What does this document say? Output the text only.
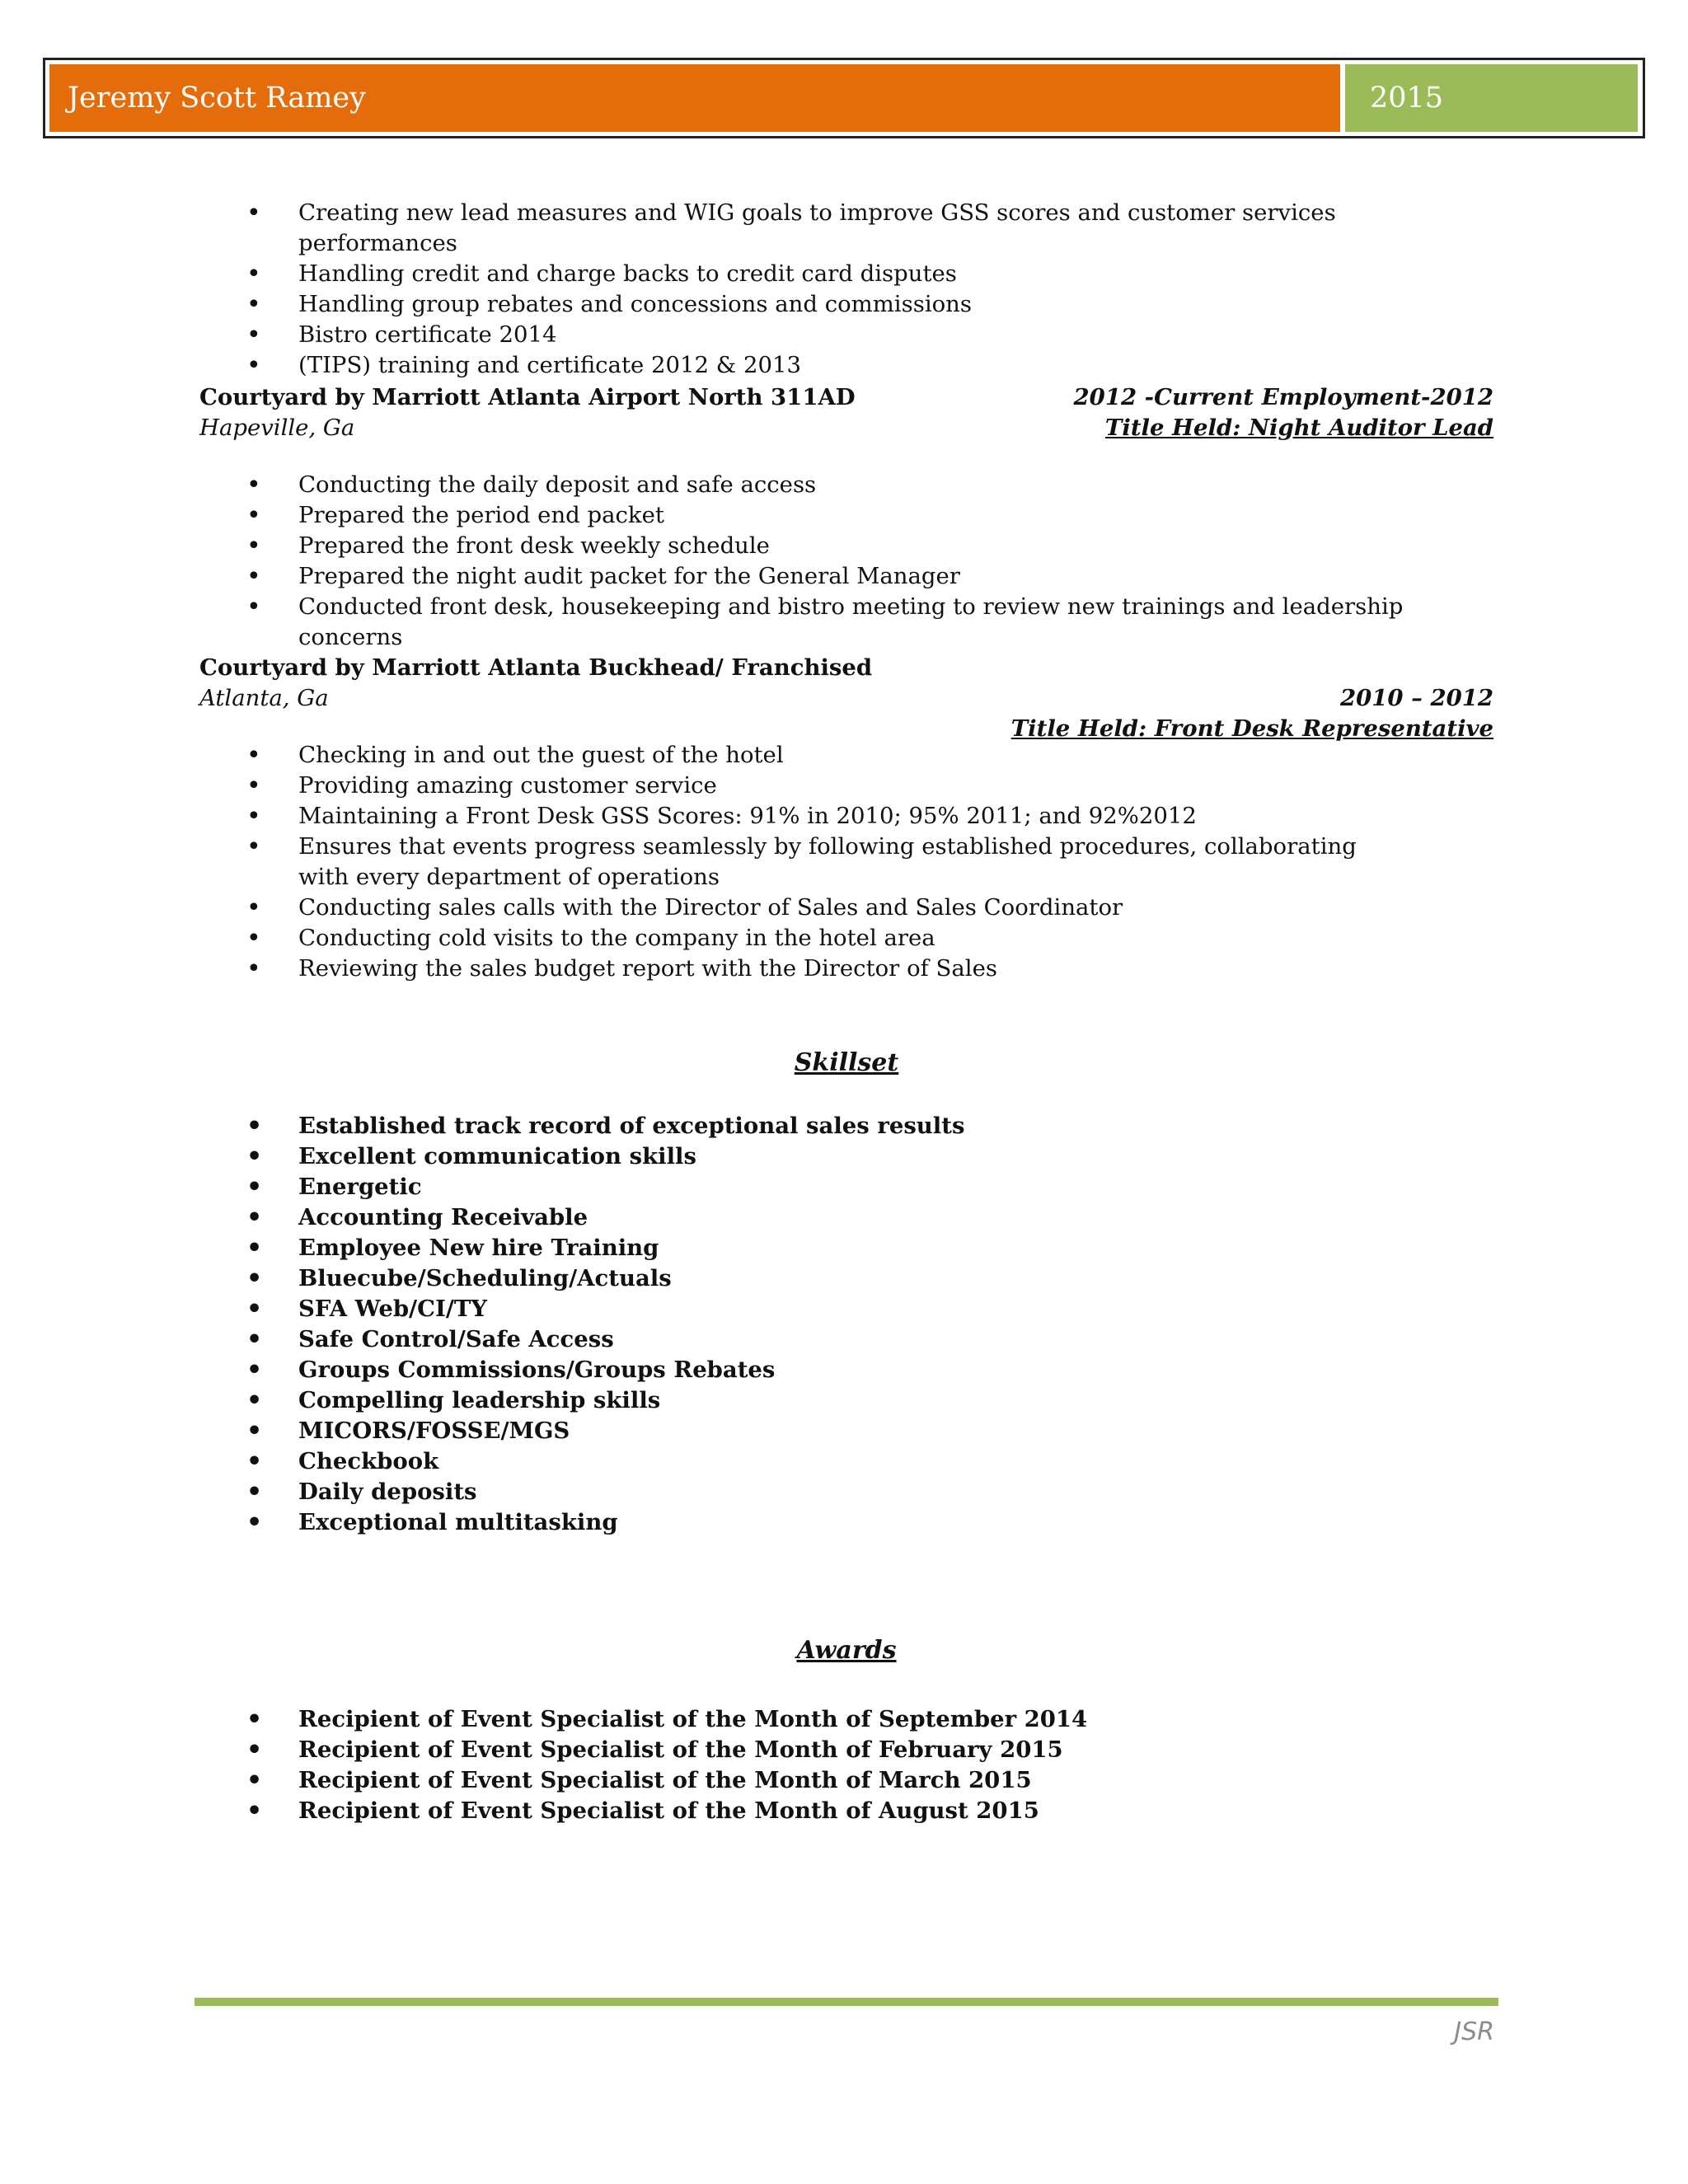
Jeremy Scott Ramey	2015
• Creating new lead measures and WIG goals to improve GSS scores and customer services performances
• Handling credit and charge backs to credit card disputes
• Handling group rebates and concessions and commissions
• Bistro certificate 2014
• (TIPS) training and certificate 2012 & 2013
Courtyard by Marriott Atlanta Airport North 311AD	2012 -Current Employment-2012
Hapeville, Ga	Title Held: Night Auditor Lead
• Conducting the daily deposit and safe access
• Prepared the period end packet
• Prepared the front desk weekly schedule
• Prepared the night audit packet for the General Manager
• Conducted front desk, housekeeping and bistro meeting to review new trainings and leadership concerns
Courtyard by Marriott Atlanta Buckhead/ Franchised
Atlanta, Ga	2010 – 2012
Title Held: Front Desk Representative
• Checking in and out the guest of the hotel
• Providing amazing customer service
• Maintaining a Front Desk GSS Scores: 91% in 2010; 95% 2011; and 92%2012
• Ensures that events progress seamlessly by following established procedures, collaborating with every department of operations
• Conducting sales calls with the Director of Sales and Sales Coordinator
• Conducting cold visits to the company in the hotel area
• Reviewing the sales budget report with the Director of Sales
Skillset
• Established track record of exceptional sales results
• Excellent communication skills
• Energetic
• Accounting Receivable
• Employee New hire Training
• Bluecube/Scheduling/Actuals
• SFA Web/CI/TY
• Safe Control/Safe Access
• Groups Commissions/Groups Rebates
• Compelling leadership skills
• MICORS/FOSSE/MGS
• Checkbook
• Daily deposits
• Exceptional multitasking
Awards
• Recipient of Event Specialist of the Month of September 2014
• Recipient of Event Specialist of the Month of February 2015
• Recipient of Event Specialist of the Month of March 2015
• Recipient of Event Specialist of the Month of August 2015
JSR
